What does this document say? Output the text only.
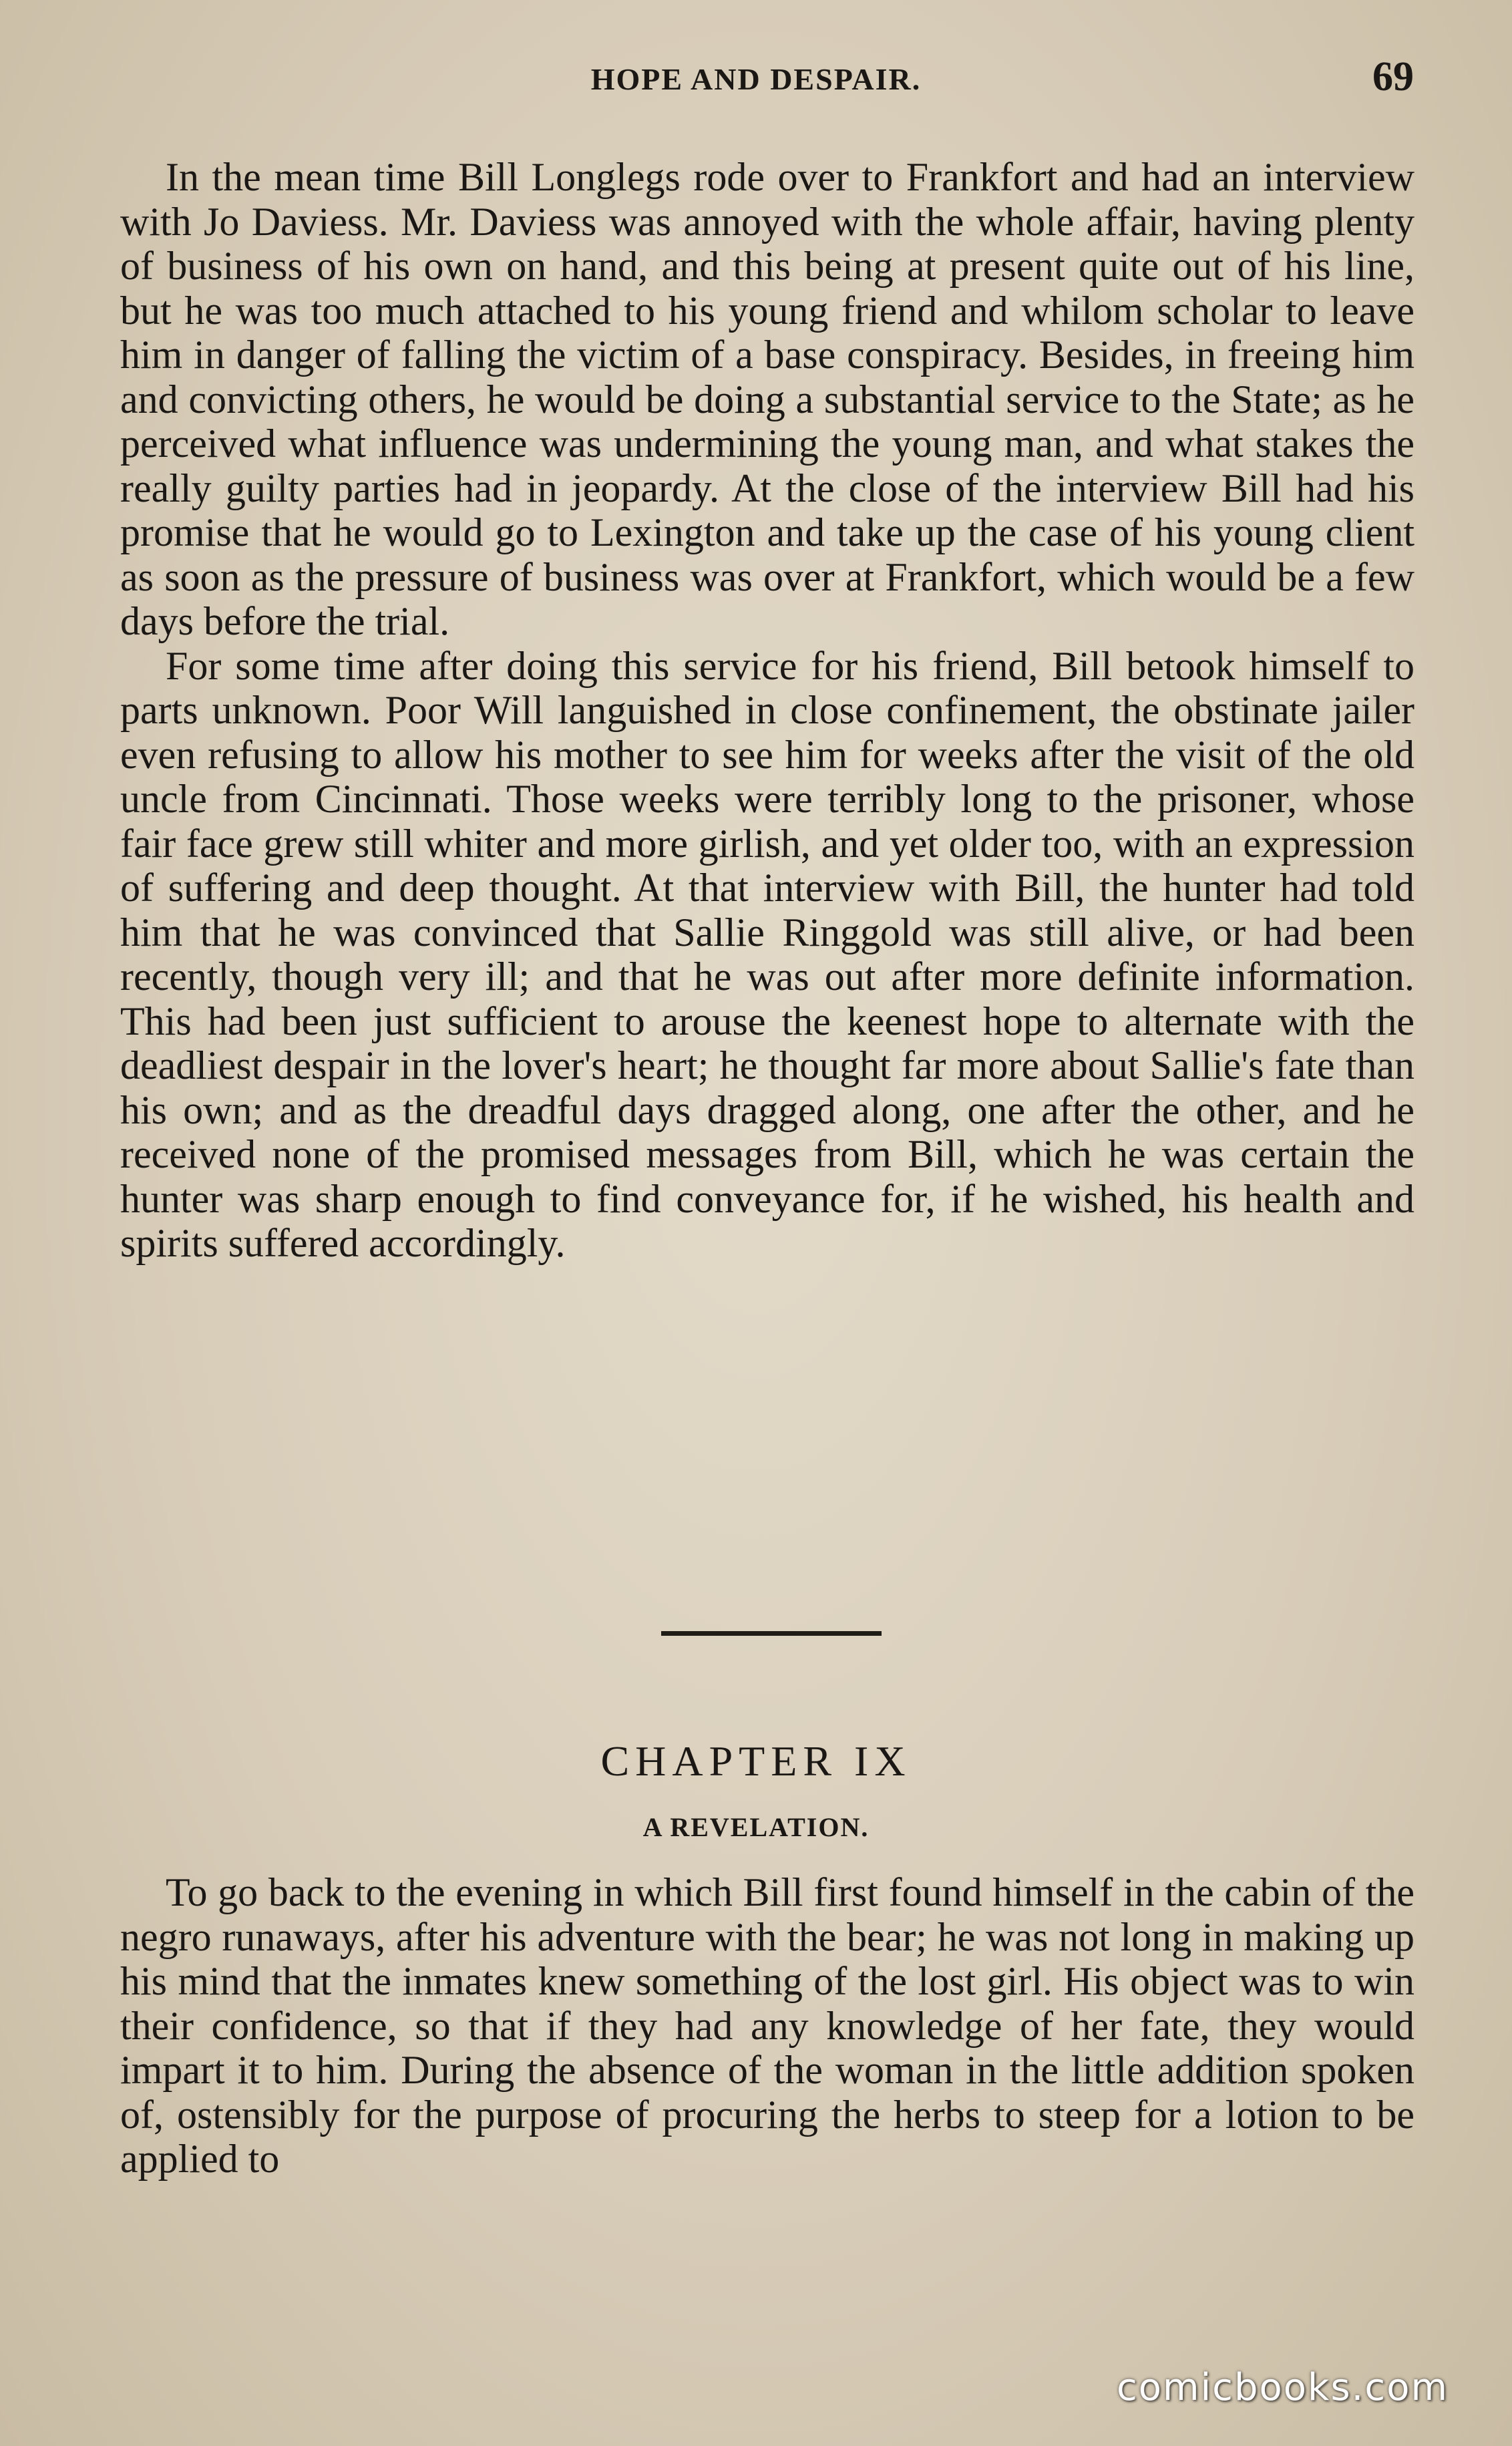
HOPE AND DESPAIR.	69

In the mean time Bill Longlegs rode over to Frankfort and had an interview with Jo Daviess. Mr. Daviess was annoyed with the whole affair, having plenty of business of his own on hand, and this being at present quite out of his line, but he was too much attached to his young friend and whilom scholar to leave him in danger of falling the victim of a base conspiracy. Besides, in freeing him and convicting others, he would be doing a substantial service to the State; as he perceived what influence was undermining the young man, and what stakes the really guilty parties had in jeopardy. At the close of the interview Bill had his promise that he would go to Lexington and take up the case of his young client as soon as the pressure of business was over at Frankfort, which would be a few days before the trial.

For some time after doing this service for his friend, Bill betook himself to parts unknown. Poor Will languished in close confinement, the obstinate jailer even refusing to allow his mother to see him for weeks after the visit of the old uncle from Cincinnati. Those weeks were terribly long to the prisoner, whose fair face grew still whiter and more girlish, and yet older too, with an expression of suffering and deep thought. At that interview with Bill, the hunter had told him that he was convinced that Sallie Ringgold was still alive, or had been recently, though very ill; and that he was out after more definite information. This had been just sufficient to arouse the keenest hope to alternate with the deadliest despair in the lover's heart; he thought far more about Sallie's fate than his own; and as the dreadful days dragged along, one after the other, and he received none of the promised messages from Bill, which he was certain the hunter was sharp enough to find conveyance for, if he wished, his health and spirits suffered accordingly.

CHAPTER IX
A REVELATION.

To go back to the evening in which Bill first found himself in the cabin of the negro runaways, after his adventure with the bear; he was not long in making up his mind that the inmates knew something of the lost girl. His object was to win their confidence, so that if they had any knowledge of her fate, they would impart it to him. During the absence of the woman in the little addition spoken of, ostensibly for the purpose of procuring the herbs to steep for a lotion to be applied to

comicbooks.com
